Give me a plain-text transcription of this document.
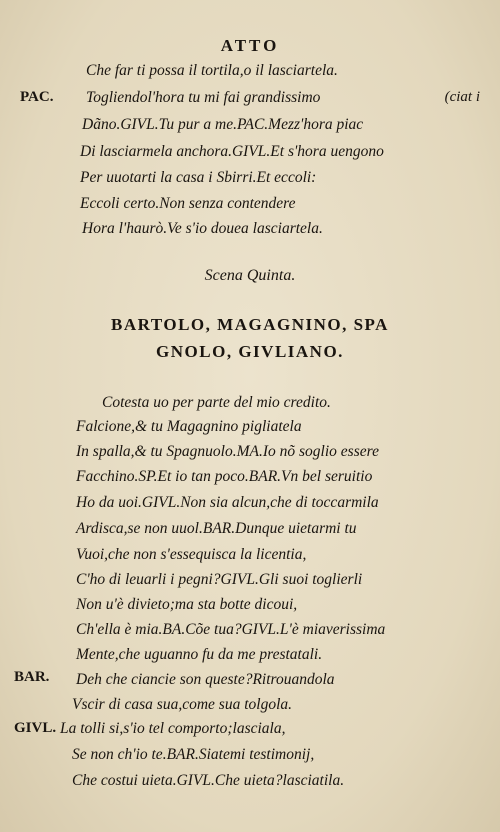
ATTO
Che far ti possa il tortila,o il lasciartela.
PAC. Togliendol'hora tu mi fai grandissimo	(ciat i
Dãno.GIVL.Tu pur a me.PAC.Mezz'hora piac
Di lasciarmela anchora.GIVL.Et s'hora uengono
Per uuotarti la casa i Sbirri.Et eccoli:
Eccoli certo.Non senza contendere
Hora l'haurò.Ve s'io douea lasciartela.
Scena Quinta.
BARTOLO, MAGAGNINO, SPA
GNOLO, GIVLIANO.
Cotesta uo per parte del mio credito.
Falcione,& tu Magagnino pigliatela
In spalla,& tu Spagnuolo.MA.Io nõ soglio essere
Facchino.SP.Et io tan poco.BAR.Vn bel seruitio
Ho da uoi.GIVL.Non sia alcun,che di toccarmila
Ardisca,se non uuol.BAR.Dunque uietarmi tu
Vuoi,che non s'essequisca la licentia,
C'ho di leuarli i pegni?GIVL.Gli suoi toglierli
Non u'è divieto;ma sta botte dicoui,
Ch'ella è mia.BA.Cõe tua?GIVL.L'è miaverissima
Mente,che uguanno fu da me prestatali.
BAR. Deh che ciancie son queste?Ritrouandola
Vscir di casa sua,come sua tolgola.
GIVL. La tolli si,s'io tel comporto;lasciala,
Se non ch'io te.BAR.Siatemi testimonij,
Che costui uieta.GIVL.Che uieta?lasciatila.
